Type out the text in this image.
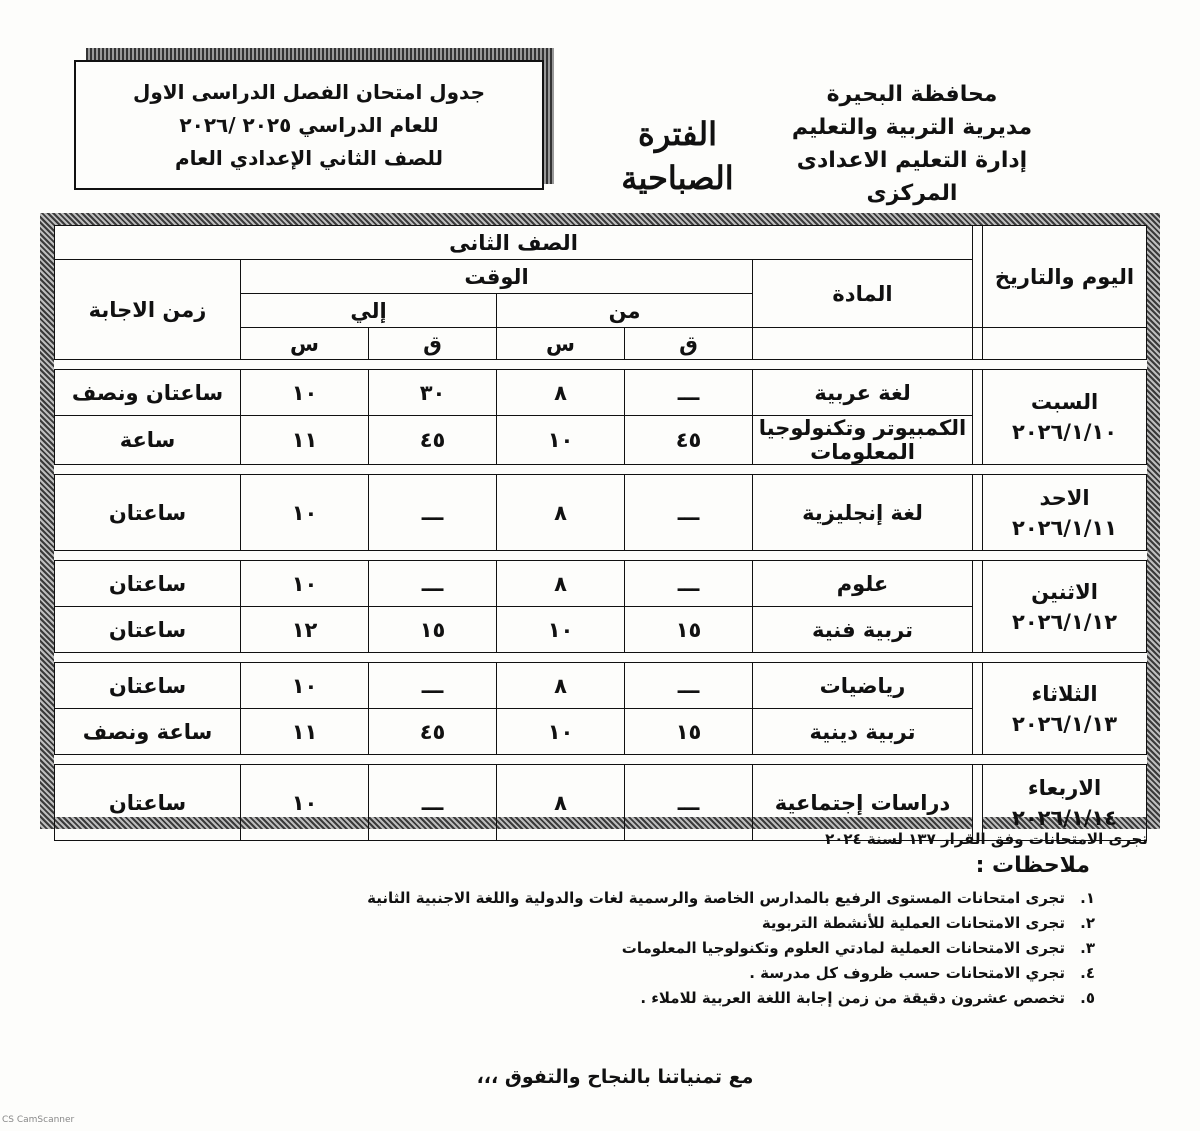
محافظة البحيرة
مديرية التربية والتعليم
إدارة التعليم الاعدادى المركزى
الفترة
الصباحية
جدول امتحان الفصل الدراسى الاول
للعام الدراسي ٢٠٢٥ /٢٠٢٦
للصف الثاني الإعدادي العام
اليوم والتاريخ		الصف الثانى					
		المادة	الوقت				زمن الاجابة
			من		إلي		
			ق	س	ق	س	

السبت
٢٠٢٦/١/١٠		لغة عربية	ـــ	٨	٣٠	١٠	ساعتان ونصف
		الكمبيوتر وتكنولوجيا المعلومات	٤٥	١٠	٤٥	١١	ساعة

الاحد
٢٠٢٦/١/١١		لغة إنجليزية	ـــ	٨	ـــ	١٠	ساعتان

الاثنين
٢٠٢٦/١/١٢		علوم	ـــ	٨	ـــ	١٠	ساعتان
		تربية فنية	١٥	١٠	١٥	١٢	ساعتان

الثلاثاء
٢٠٢٦/١/١٣		رياضيات	ـــ	٨	ـــ	١٠	ساعتان
		تربية دينية	١٥	١٠	٤٥	١١	ساعة ونصف

الاربعاء
٢٠٢٦/١/١٤		دراسات إجتماعية	ـــ	٨	ـــ	١٠	ساعتان
تجرى الامتحانات وفق القرار ١٣٧ لسنة ٢٠٢٤
ملاحظات :
١.
تجرى امتحانات المستوى الرفيع بالمدارس الخاصة والرسمية لغات والدولية واللغة الاجنبية الثانية
٢.
تجرى الامتحانات العملية للأنشطة التربوية
٣.
تجرى الامتحانات العملية لمادتي العلوم وتكنولوجيا المعلومات
٤.
تجري الامتحانات حسب ظروف كل مدرسة .
٥.
تخصص عشرون دقيقة من زمن إجابة اللغة العربية للاملاء .
مع تمنياتنا بالنجاح والتفوق ،،،
CS CamScanner
